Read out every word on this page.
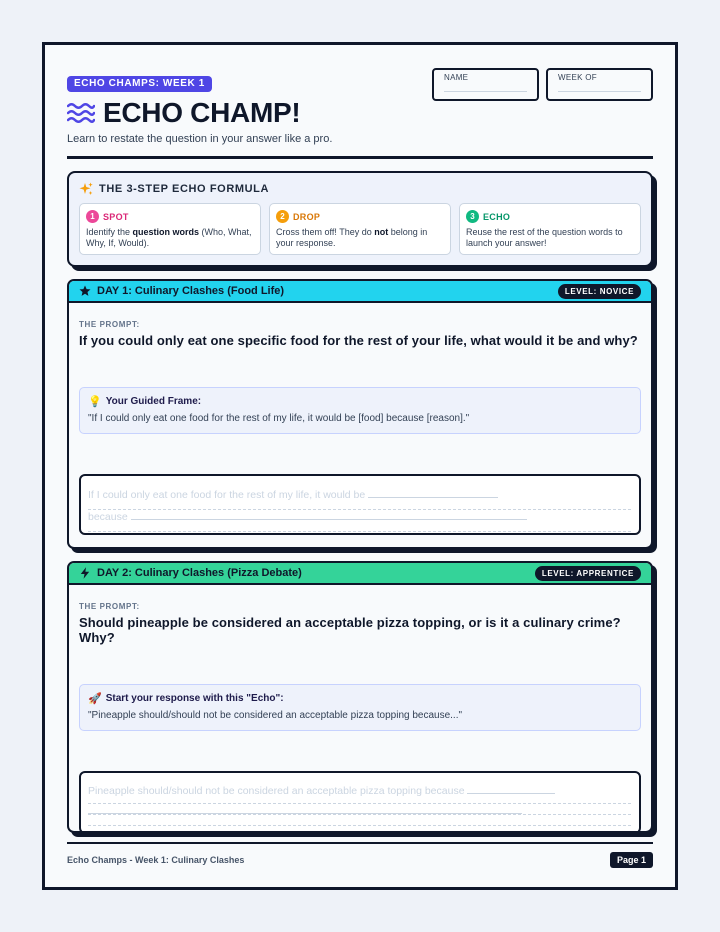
ECHO CHAMPS: WEEK 1
ECHO CHAMP!
Learn to restate the question in your answer like a pro.
NAME	WEEK OF
THE 3-STEP ECHO FORMULA
1 SPOT
Identify the question words (Who, What, Why, If, Would).
2 DROP
Cross them off! They do not belong in your response.
3 ECHO
Reuse the rest of the question words to launch your answer!
DAY 1: Culinary Clashes (Food Life)	LEVEL: NOVICE
THE PROMPT:
If you could only eat one specific food for the rest of your life, what would it be and why?
💡 Your Guided Frame:
"If I could only eat one food for the rest of my life, it would be [food] because [reason]."
If I could only eat one food for the rest of my life, it would be
because
DAY 2: Culinary Clashes (Pizza Debate)	LEVEL: APPRENTICE
THE PROMPT:
Should pineapple be considered an acceptable pizza topping, or is it a culinary crime? Why?
🚀 Start your response with this "Echo":
"Pineapple should/should not be considered an acceptable pizza topping because..."
Pineapple should/should not be considered an acceptable pizza topping because
Echo Champs - Week 1: Culinary Clashes	Page 1
